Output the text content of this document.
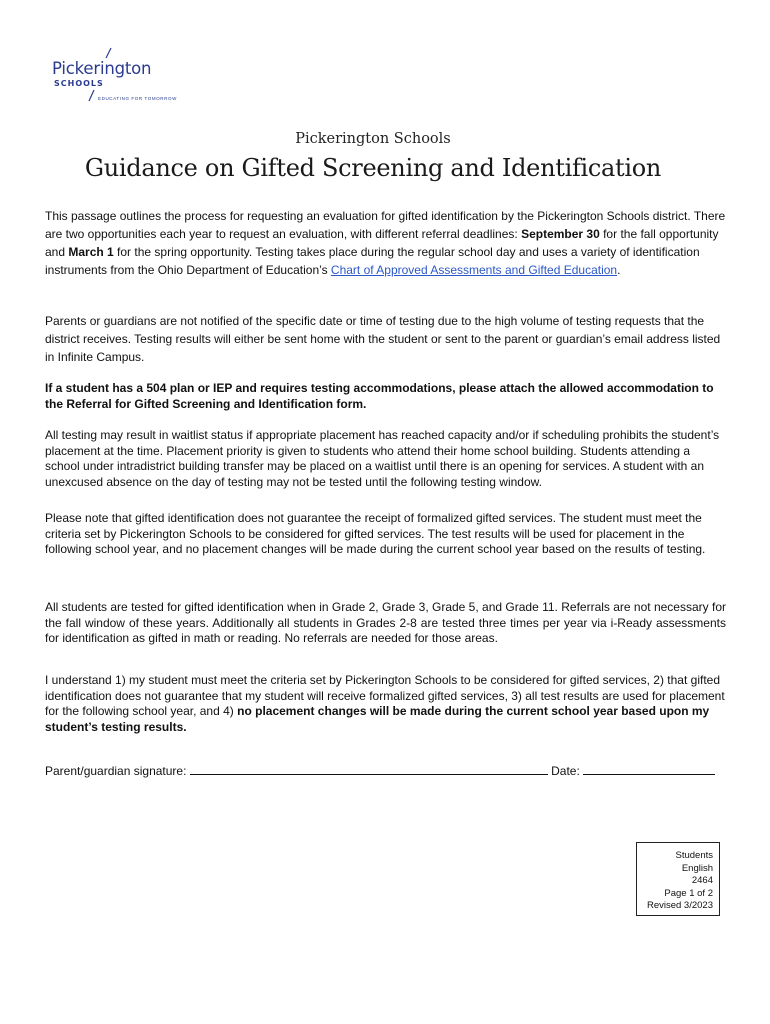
Pickerington
SCHOOLS
EDUCATING FOR TOMORROW
Pickerington Schools
Guidance on Gifted Screening and Identification

This passage outlines the process for requesting an evaluation for gifted identification by the Pickerington Schools district. There are two opportunities each year to request an evaluation, with different referral deadlines: September 30 for the fall opportunity and March 1 for the spring opportunity. Testing takes place during the regular school day and uses a variety of identification instruments from the Ohio Department of Education’s Chart of Approved Assessments and Gifted Education.

Parents or guardians are not notified of the specific date or time of testing due to the high volume of testing requests that the district receives. Testing results will either be sent home with the student or sent to the parent or guardian’s email address listed in Infinite Campus.

If a student has a 504 plan or IEP and requires testing accommodations, please attach the allowed accommodation to the Referral for Gifted Screening and Identification form.

All testing may result in waitlist status if appropriate placement has reached capacity and/or if scheduling prohibits the student’s placement at the time. Placement priority is given to students who attend their home school building. Students attending a school under intradistrict building transfer may be placed on a waitlist until there is an opening for services. A student with an unexcused absence on the day of testing may not be tested until the following testing window.

Please note that gifted identification does not guarantee the receipt of formalized gifted services. The student must meet the criteria set by Pickerington Schools to be considered for gifted services. The test results will be used for placement in the following school year, and no placement changes will be made during the current school year based on the results of testing.

All students are tested for gifted identification when in Grade 2, Grade 3, Grade 5, and Grade 11. Referrals are not necessary for the fall window of these years. Additionally all students in Grades 2-8 are tested three times per year via i-Ready assessments for identification as gifted in math or reading. No referrals are needed for those areas.

I understand 1) my student must meet the criteria set by Pickerington Schools to be considered for gifted services, 2) that gifted identification does not guarantee that my student will receive formalized gifted services, 3) all test results are used for placement for the following school year, and 4) no placement changes will be made during the current school year based upon my student’s testing results.

Parent/guardian signature:	Date:
Students
English
2464
Page 1 of 2
Revised 3/2023
